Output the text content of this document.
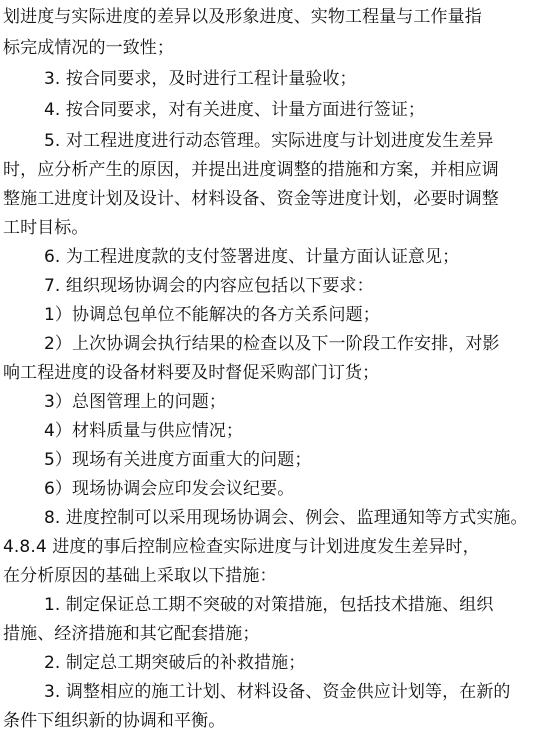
划进度与实际进度的差异以及形象进度、实物工程量与工作量指
标完成情况的一致性；
3. 按合同要求，及时进行工程计量验收；
4. 按合同要求，对有关进度、计量方面进行签证；
5. 对工程进度进行动态管理。实际进度与计划进度发生差异
时，应分析产生的原因，并提出进度调整的措施和方案，并相应调
整施工进度计划及设计、材料设备、资金等进度计划，必要时调整
工时目标。
6. 为工程进度款的支付签署进度、计量方面认证意见；
7. 组织现场协调会的内容应包括以下要求：
1）协调总包单位不能解决的各方关系问题；
2）上次协调会执行结果的检查以及下一阶段工作安排，对影
响工程进度的设备材料要及时督促采购部门订货；
3）总图管理上的问题；
4）材料质量与供应情况；
5）现场有关进度方面重大的问题；
6）现场协调会应印发会议纪要。
8. 进度控制可以采用现场协调会、例会、监理通知等方式实施。
4.8.4 进度的事后控制应检查实际进度与计划进度发生差异时，
在分析原因的基础上采取以下措施：
1. 制定保证总工期不突破的对策措施，包括技术措施、组织
措施、经济措施和其它配套措施；
2. 制定总工期突破后的补救措施；
3. 调整相应的施工计划、材料设备、资金供应计划等，在新的
条件下组织新的协调和平衡。
